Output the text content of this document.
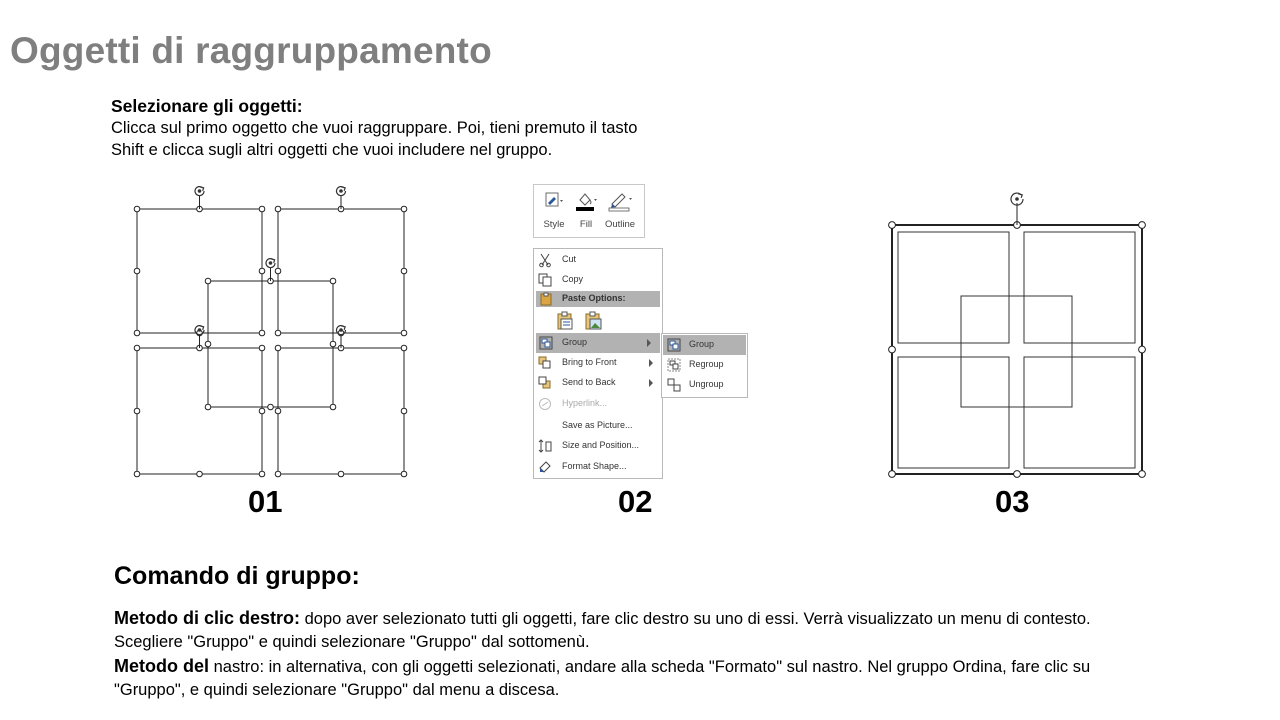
Oggetti di raggruppamento
Selezionare gli oggetti:
Clicca sul primo oggetto che vuoi raggruppare. Poi, tieni premuto il tasto
Shift e clicca sugli altri oggetti che vuoi includere nel gruppo.
01
Style	Fill	Outline
Cut
Copy
Paste Options:
Group
Bring to Front
Send to Back
Hyperlink...
Save as Picture...
Size and Position...
Format Shape...
Group
Regroup
Ungroup
02	03
Comando di gruppo:
Metodo di clic destro: dopo aver selezionato tutti gli oggetti, fare clic destro su uno di essi. Verrà visualizzato un menu di contesto. Scegliere "Gruppo" e quindi selezionare "Gruppo" dal sottomenù.
Metodo del nastro: in alternativa, con gli oggetti selezionati, andare alla scheda "Formato" sul nastro. Nel gruppo Ordina, fare clic su "Gruppo", e quindi selezionare "Gruppo" dal menu a discesa.
